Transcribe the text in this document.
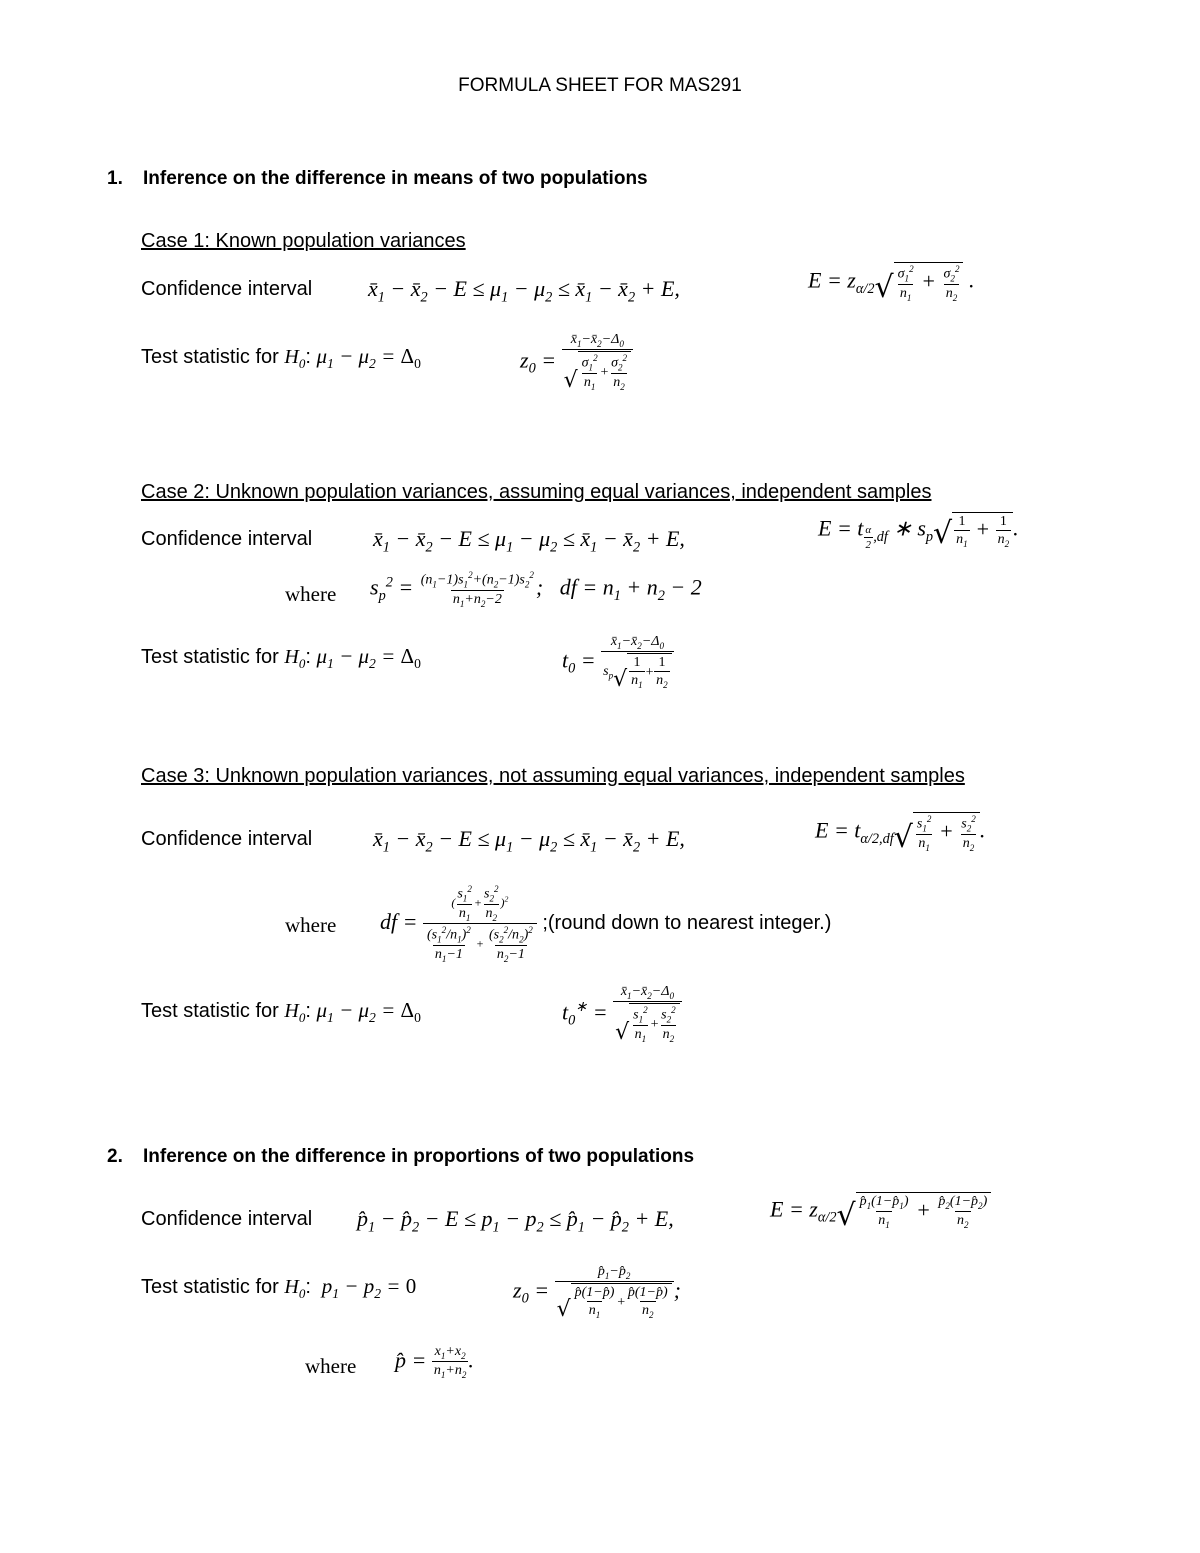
FORMULA SHEET FOR MAS291
1. Inference on the difference in means of two populations
Case 1: Known population variances
Confidence interval	$x̄_1$ − $x̄_2 - E \le \mu_1 - \mu_2$ ≤ $x̄_1$ − $x̄_2 + E$,	$E = z_{\alpha/2}$ √ $\frac{\sigma_1^2}{n_1} + \frac{\sigma_2^2}{n_2}$ .
Test statistic for $H_0$: $\mu_1 - \mu_2 = \Delta_0$	$z_0 = \frac{x̄_1-x̄_2-\Delta_0}{√ \frac{\sigma_1^2}{n_1} + \frac{\sigma_2^2}{n_2}}$
Case 2: Unknown population variances, assuming equal variances, independent samples
Confidence interval	$x̄_1$ − $x̄_2 - E \le \mu_1 - \mu_2$ ≤ $x̄_1$ − $x̄_2 + E$,	E = t $_{\frac{\alpha}{2} ,df}$ ∗ $s_p$ √ $\frac{1}{n_1} + \frac{1}{n_2}$ .
where $s_p^2 = \frac{(n_1-1)s_1^2+(n_2-1)s_2^2}{n_1+n_2-2}$ ;   df = $n_1 + n_2 - 2$
Test statistic for $H_0$: $\mu_1 - \mu_2 = \Delta_0$	$t_0 = \frac{x̄_1-x̄_2-\Delta_0}{s_p √ \frac{1}{n_1} + \frac{1}{n_2}}$
Case 3: Unknown population variances, not assuming equal variances, independent samples
Confidence interval	$x̄_1$ − $x̄_2 - E \le \mu_1 - \mu_2$ ≤ $x̄_1$ − $x̄_2 + E$,	$E = t_{\alpha/2,df}$ √ $\frac{s_1^2}{n_1} + \frac{s_2^2}{n_2}$ .
where df = $\frac{( \frac{s_1^2}{n_1} + \frac{s_2^2}{n_2} )^2}{\frac{(s_1^2/n_1)^2}{n_1-1} + \frac{(s_2^2/n_2)^2}{n_2-1}}$ ;(round down to nearest integer.)
Test statistic for $H_0$: $\mu_1 - \mu_2 = \Delta_0$	$t_0^∗ = \frac{x̄_1-x̄_2-\Delta_0}{√ \frac{s_1^2}{n_1} + \frac{s_2^2}{n_2}}$
2. Inference on the difference in proportions of two populations
Confidence interval $p̂_1$ − $p̂_2 - E \le p_1 - p_2$ ≤ $p̂_1$ − $p̂_2 + E$,	$E = z_{\alpha/2}$ √ $\frac{p̂_1(1-p̂_1)}{n_1} + \frac{p̂_2(1-p̂_2)}{n_2}$
Test statistic for $H_0$:  $p_1 - p_2 = 0$	$z_0 = \frac{p̂_1-p̂_2}{√ \frac{p̂(1-p̂)}{n_1} + \frac{p̂(1-p̂)}{n_2}}$ ;
where p̂ = $\frac{x_1+x_2}{n_1+n_2}$ .
